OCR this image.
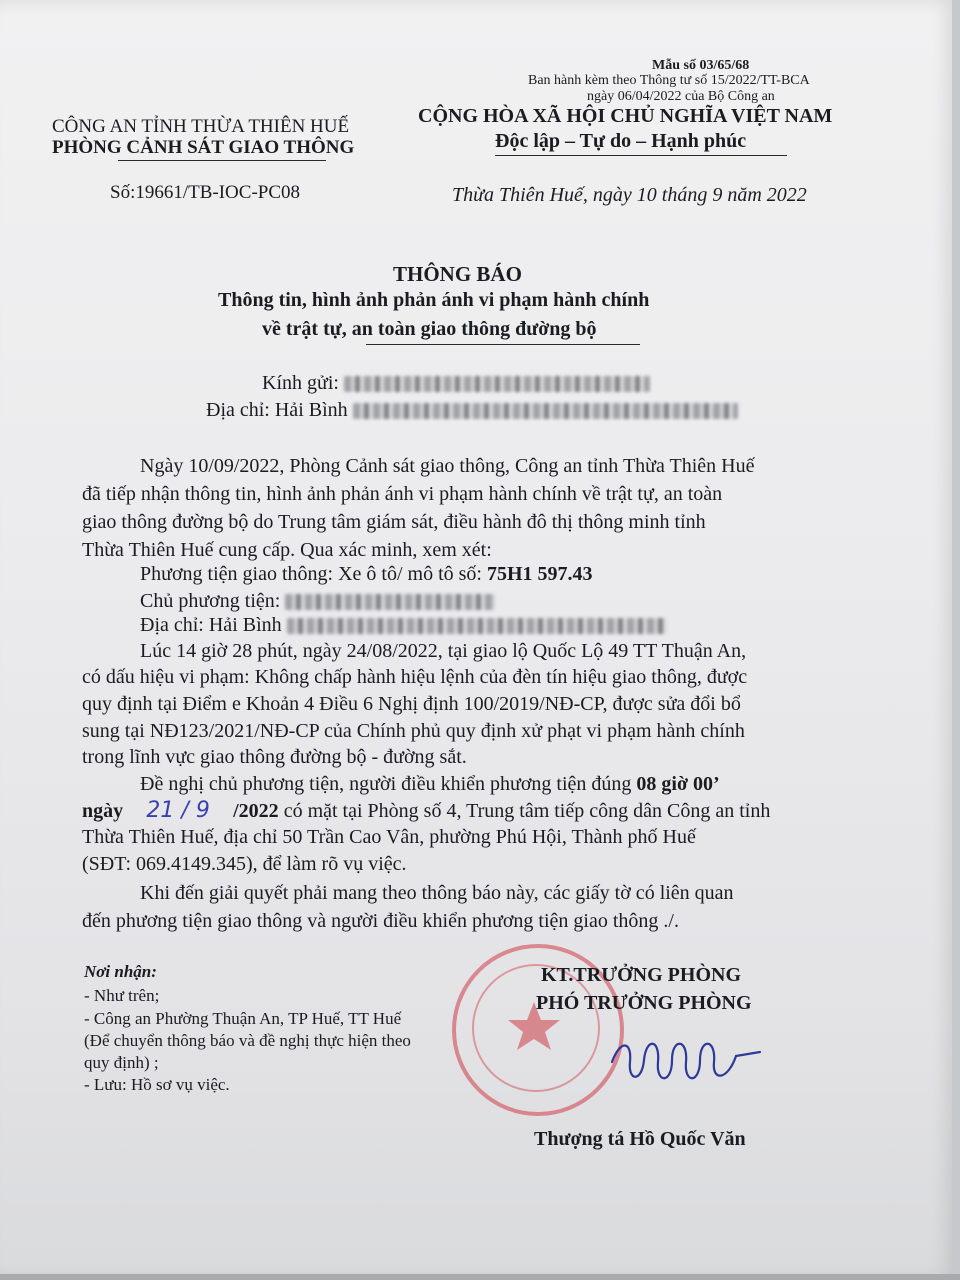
Mẫu số 03/65/68
Ban hành kèm theo Thông tư số 15/2022/TT-BCA
ngày 06/04/2022 của Bộ Công an
CÔNG AN TỈNH THỪA THIÊN HUẾ
PHÒNG CẢNH SÁT GIAO THÔNG
Số:19661/TB-IOC-PC08
CỘNG HÒA XÃ HỘI CHỦ NGHĨA VIỆT NAM
Độc lập – Tự do – Hạnh phúc
Thừa Thiên Huế, ngày 10 tháng 9 năm 2022
THÔNG BÁO
Thông tin, hình ảnh phản ánh vi phạm hành chính
về trật tự, an toàn giao thông đường bộ
Kính gửi:
Địa chỉ: Hải Bình
Ngày 10/09/2022, Phòng Cảnh sát giao thông, Công an tỉnh Thừa Thiên Huế
đã tiếp nhận thông tin, hình ảnh phản ánh vi phạm hành chính về trật tự, an toàn
giao thông đường bộ do Trung tâm giám sát, điều hành đô thị thông minh tỉnh
Thừa Thiên Huế cung cấp. Qua xác minh, xem xét:
Phương tiện giao thông: Xe ô tô/ mô tô số: 75H1 597.43
Chủ phương tiện:
Địa chỉ: Hải Bình
Lúc 14 giờ 28 phút, ngày 24/08/2022, tại giao lộ Quốc Lộ 49 TT Thuận An,
có dấu hiệu vi phạm: Không chấp hành hiệu lệnh của đèn tín hiệu giao thông, được
quy định tại Điểm e Khoản 4 Điều 6 Nghị định 100/2019/NĐ-CP, được sửa đổi bổ
sung tại NĐ123/2021/NĐ-CP của Chính phủ quy định xử phạt vi phạm hành chính
trong lĩnh vực giao thông đường bộ - đường sắt.
Đề nghị chủ phương tiện, người điều khiển phương tiện đúng 08 giờ 00’
ngày 21 / 9 /2022 có mặt tại Phòng số 4, Trung tâm tiếp công dân Công an tỉnh
Thừa Thiên Huế, địa chỉ 50 Trần Cao Vân, phường Phú Hội, Thành phố Huế
(SĐT: 069.4149.345), để làm rõ vụ việc.
Khi đến giải quyết phải mang theo thông báo này, các giấy tờ có liên quan
đến phương tiện giao thông và người điều khiển phương tiện giao thông ./.
Nơi nhận:
- Như trên;
- Công an Phường Thuận An, TP Huế, TT Huế
(Để chuyển thông báo và đề nghị thực hiện theo
quy định) ;
- Lưu: Hồ sơ vụ việc.
KT.TRƯỞNG PHÒNG
PHÓ TRƯỞNG PHÒNG
Thượng tá Hồ Quốc Văn
